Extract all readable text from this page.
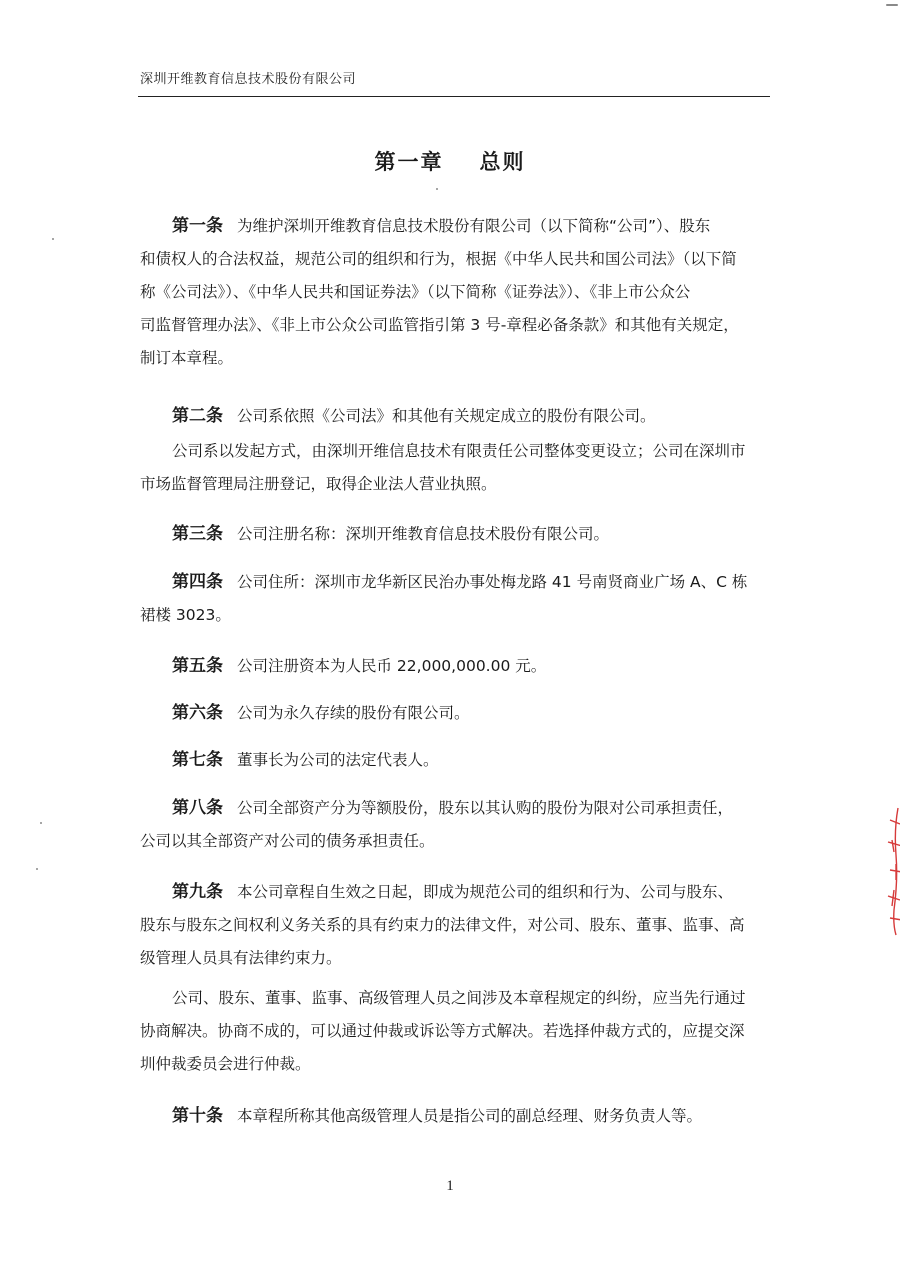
深圳开维教育信息技术股份有限公司
第一章 总则
第一条 为维护深圳开维教育信息技术股份有限公司（以下简称“公司”）、股东
和债权人的合法权益，规范公司的组织和行为，根据《中华人民共和国公司法》（以下简
称《公司法》）、《中华人民共和国证券法》（以下简称《证券法》）、《非上市公众公
司监督管理办法》、《非上市公众公司监管指引第 3 号-章程必备条款》和其他有关规定，
制订本章程。
第二条 公司系依照《公司法》和其他有关规定成立的股份有限公司。
公司系以发起方式，由深圳开维信息技术有限责任公司整体变更设立；公司在深圳市
市场监督管理局注册登记，取得企业法人营业执照。
第三条 公司注册名称：深圳开维教育信息技术股份有限公司。
第四条 公司住所：深圳市龙华新区民治办事处梅龙路 41 号南贤商业广场 A、C 栋
裙楼 3023。
第五条 公司注册资本为人民币 22,000,000.00 元。
第六条 公司为永久存续的股份有限公司。
第七条 董事长为公司的法定代表人。
第八条 公司全部资产分为等额股份，股东以其认购的股份为限对公司承担责任，
公司以其全部资产对公司的债务承担责任。
第九条 本公司章程自生效之日起，即成为规范公司的组织和行为、公司与股东、
股东与股东之间权利义务关系的具有约束力的法律文件，对公司、股东、董事、监事、高
级管理人员具有法律约束力。
公司、股东、董事、监事、高级管理人员之间涉及本章程规定的纠纷，应当先行通过
协商解决。协商不成的，可以通过仲裁或诉讼等方式解决。若选择仲裁方式的，应提交深
圳仲裁委员会进行仲裁。
第十条 本章程所称其他高级管理人员是指公司的副总经理、财务负责人等。
1
